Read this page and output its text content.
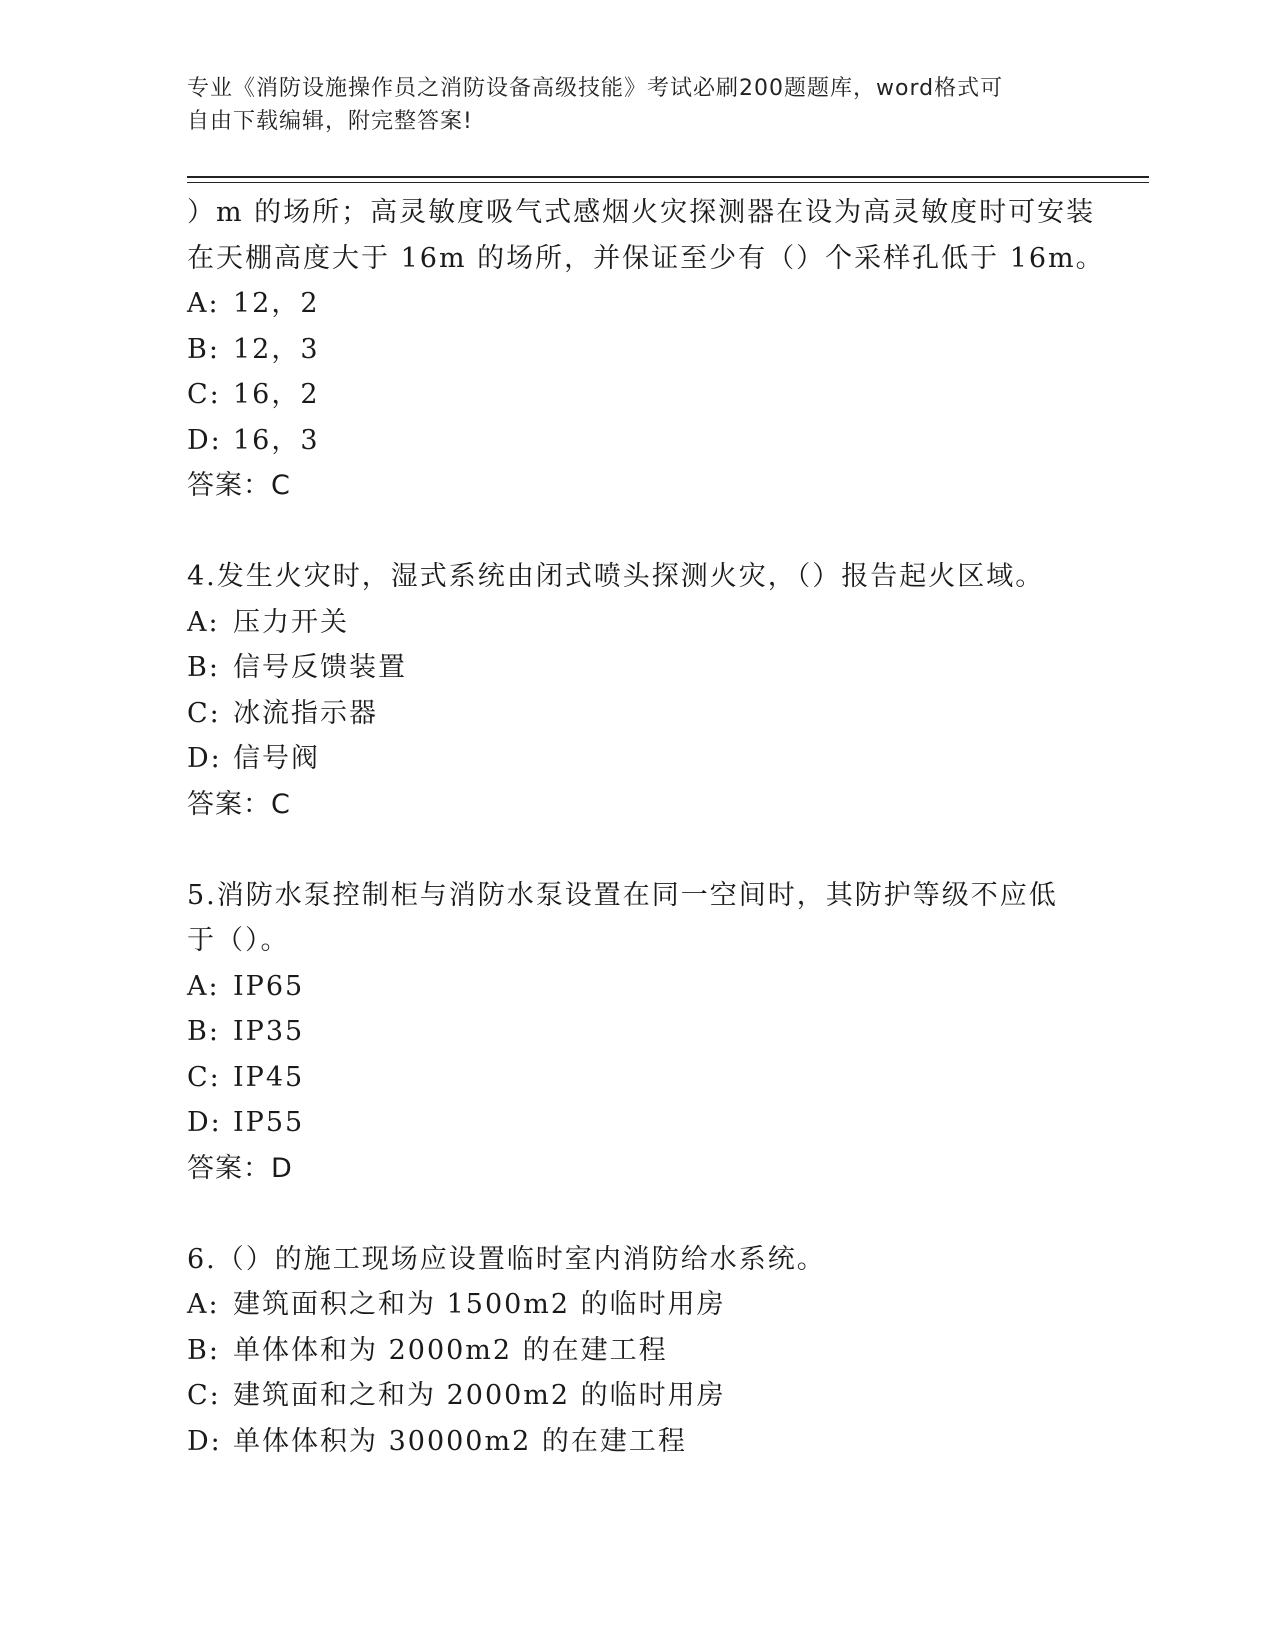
专业《消防设施操作员之消防设备高级技能》考试必刷200题题库，word格式可
自由下载编辑，附完整答案!
）m 的场所；高灵敏度吸气式感烟火灾探测器在设为高灵敏度时可安装
在天棚高度大于 16m 的场所，并保证至少有（）个采样孔低于 16m。
A: 12，2
B: 12，3
C: 16，2
D: 16，3
答案：C
4.发生火灾时，湿式系统由闭式喷头探测火灾，（）报告起火区域。
A: 压力开关
B: 信号反馈装置
C: 冰流指示器
D: 信号阀
答案：C
5.消防水泵控制柜与消防水泵设置在同一空间时，其防护等级不应低
于（）。
A: IP65
B: IP35
C: IP45
D: IP55
答案：D
6.（）的施工现场应设置临时室内消防给水系统。
A: 建筑面积之和为 1500m2 的临时用房
B: 单体体和为 2000m2 的在建工程
C: 建筑面和之和为 2000m2 的临时用房
D: 单体体积为 30000m2 的在建工程
